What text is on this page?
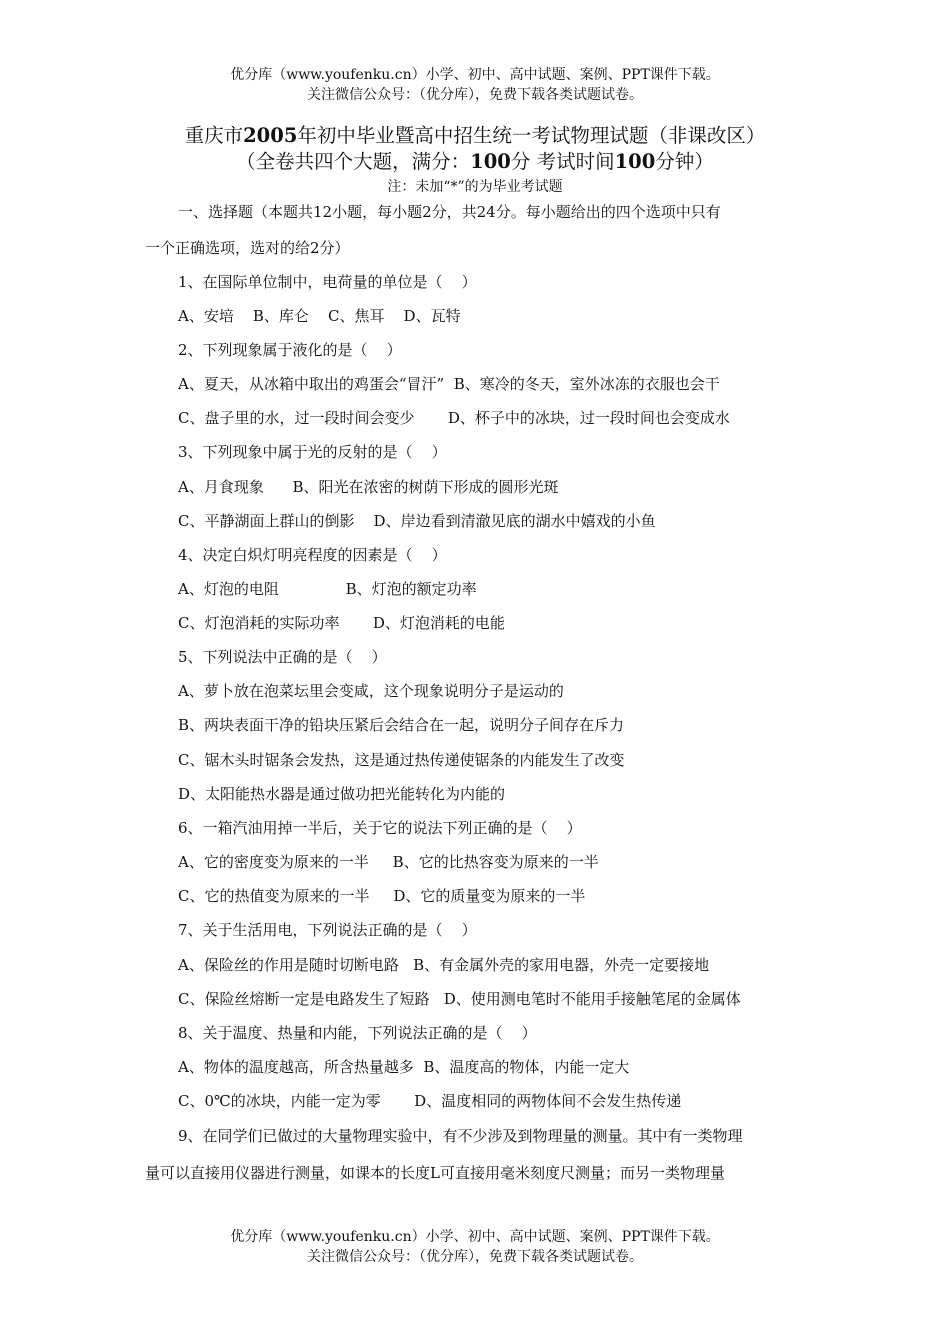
优分库（www.youfenku.cn）小学、初中、高中试题、案例、PPT课件下载。
关注微信公众号：（优分库），免费下载各类试题试卷。
重庆市2005年初中毕业暨高中招生统一考试物理试题（非课改区）
（全卷共四个大题，满分：100分 考试时间100分钟）
注：未加“*”的为毕业考试题
一、选择题（本题共12小题，每小题2分，共24分。每小题给出的四个选项中只有
一个正确选项，选对的给2分）
1、在国际单位制中，电荷量的单位是（    ）
A、安培    B、库仑    C、焦耳    D、瓦特
2、下列现象属于液化的是（    ）
A、夏天，从冰箱中取出的鸡蛋会“冒汗”  B、寒冷的冬天，室外冰冻的衣服也会干
C、盘子里的水，过一段时间会变少       D、杯子中的冰块，过一段时间也会变成水
3、下列现象中属于光的反射的是（    ）
A、月食现象      B、阳光在浓密的树荫下形成的圆形光斑
C、平静湖面上群山的倒影    D、岸边看到清澈见底的湖水中嬉戏的小鱼
4、决定白炽灯明亮程度的因素是（    ）
A、灯泡的电阻              B、灯泡的额定功率
C、灯泡消耗的实际功率       D、灯泡消耗的电能
5、下列说法中正确的是（    ）
A、萝卜放在泡菜坛里会变咸，这个现象说明分子是运动的
B、两块表面干净的铅块压紧后会结合在一起，说明分子间存在斥力
C、锯木头时锯条会发热，这是通过热传递使锯条的内能发生了改变
D、太阳能热水器是通过做功把光能转化为内能的
6、一箱汽油用掉一半后，关于它的说法下列正确的是（    ）
A、它的密度变为原来的一半     B、它的比热容变为原来的一半
C、它的热值变为原来的一半     D、它的质量变为原来的一半
7、关于生活用电，下列说法正确的是（    ）
A、保险丝的作用是随时切断电路   B、有金属外壳的家用电器，外壳一定要接地
C、保险丝熔断一定是电路发生了短路   D、使用测电笔时不能用手接触笔尾的金属体
8、关于温度、热量和内能，下列说法正确的是（    ）
A、物体的温度越高，所含热量越多  B、温度高的物体，内能一定大
C、0℃的冰块，内能一定为零       D、温度相同的两物体间不会发生热传递
9、在同学们已做过的大量物理实验中，有不少涉及到物理量的测量。其中有一类物理
量可以直接用仪器进行测量，如课本的长度L可直接用毫米刻度尺测量；而另一类物理量
优分库（www.youfenku.cn）小学、初中、高中试题、案例、PPT课件下载。
关注微信公众号：（优分库），免费下载各类试题试卷。
